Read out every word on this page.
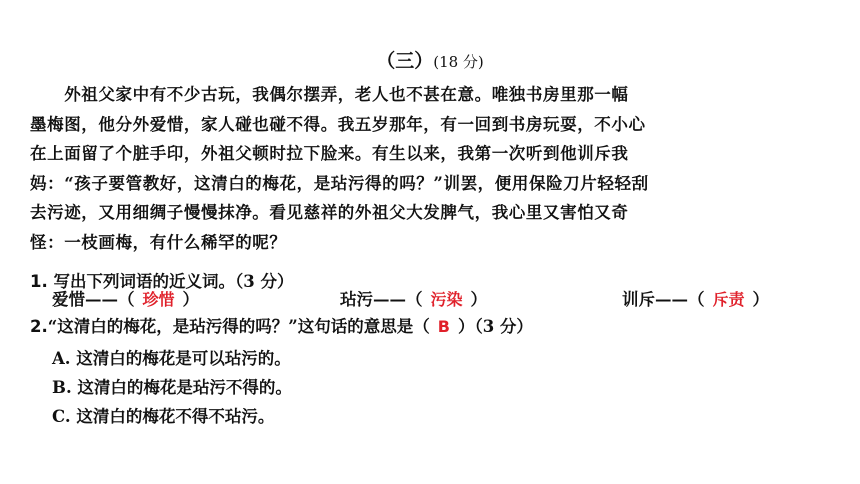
（三）(18 分)
　　外祖父家中有不少古玩，我偶尔摆弄，老人也不甚在意。唯独书房里那一幅
墨梅图，他分外爱惜，家人碰也碰不得。我五岁那年，有一回到书房玩耍，不小心
在上面留了个脏手印，外祖父顿时拉下脸来。有生以来，我第一次听到他训斥我
妈：“孩子要管教好，这清白的梅花，是玷污得的吗？”训罢，便用保险刀片轻轻刮
去污迹，又用细绸子慢慢抹净。看见慈祥的外祖父大发脾气，我心里又害怕又奇
怪：一枝画梅，有什么稀罕的呢？
1. 写出下列词语的近义词。（3 分）
爱惜——（ 珍惜 ）	玷污——（ 污染 ）	训斥——（ 斥责 ）
2.“这清白的梅花，是玷污得的吗？”这句话的意思是（ B ）（3 分）
A. 这清白的梅花是可以玷污的。
B. 这清白的梅花是玷污不得的。
C. 这清白的梅花不得不玷污。
